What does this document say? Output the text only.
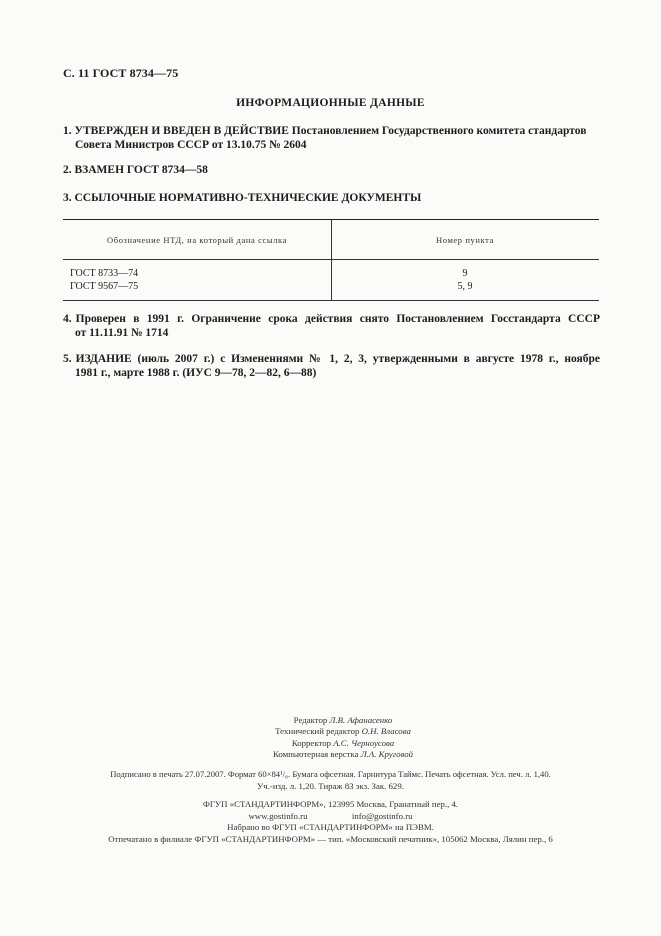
С. 11 ГОСТ 8734—75
ИНФОРМАЦИОННЫЕ ДАННЫЕ
1. УТВЕРЖДЕН И ВВЕДЕН В ДЕЙСТВИЕ Постановлением Государственного комитета стандартов
Совета Министров СССР от 13.10.75 № 2604
2. ВЗАМЕН ГОСТ 8734—58
3. ССЫЛОЧНЫЕ НОРМАТИВНО-ТЕХНИЧЕСКИЕ ДОКУМЕНТЫ
Обозначение НТД, на который дана ссылка	Номер пункта
ГОСТ 8733—74	9
ГОСТ 9567—75	5, 9
4. Проверен в 1991 г. Ограничение срока действия снято Постановлением Госстандарта СССР
от 11.11.91 № 1714
5. ИЗДАНИЕ (июль 2007 г.) с Изменениями № 1, 2, 3, утвержденными в августе 1978 г., ноябре
1981 г., марте 1988 г. (ИУС 9—78, 2—82, 6—88)
Редактор Л.В. Афанасенко
Технический редактор О.Н. Власова
Корректор А.С. Черноусова
Компьютерная верстка Л.А. Круговой
Подписано в печать 27.07.2007. Формат 60×84¹/₈. Бумага офсетная. Гарнитура Таймс. Печать офсетная. Усл. печ. л. 1,40.
Уч.-изд. л. 1,20. Тираж 83 экз. Зак. 629.
ФГУП «СТАНДАРТИНФОРМ», 123995 Москва, Гранатный пер., 4.
www.gostinfo.ru	info@gostinfo.ru
Набрано во ФГУП «СТАНДАРТИНФОРМ» на ПЭВМ.
Отпечатано в филиале ФГУП «СТАНДАРТИНФОРМ» — тип. «Московский печатник», 105062 Москва, Лялин пер., 6
